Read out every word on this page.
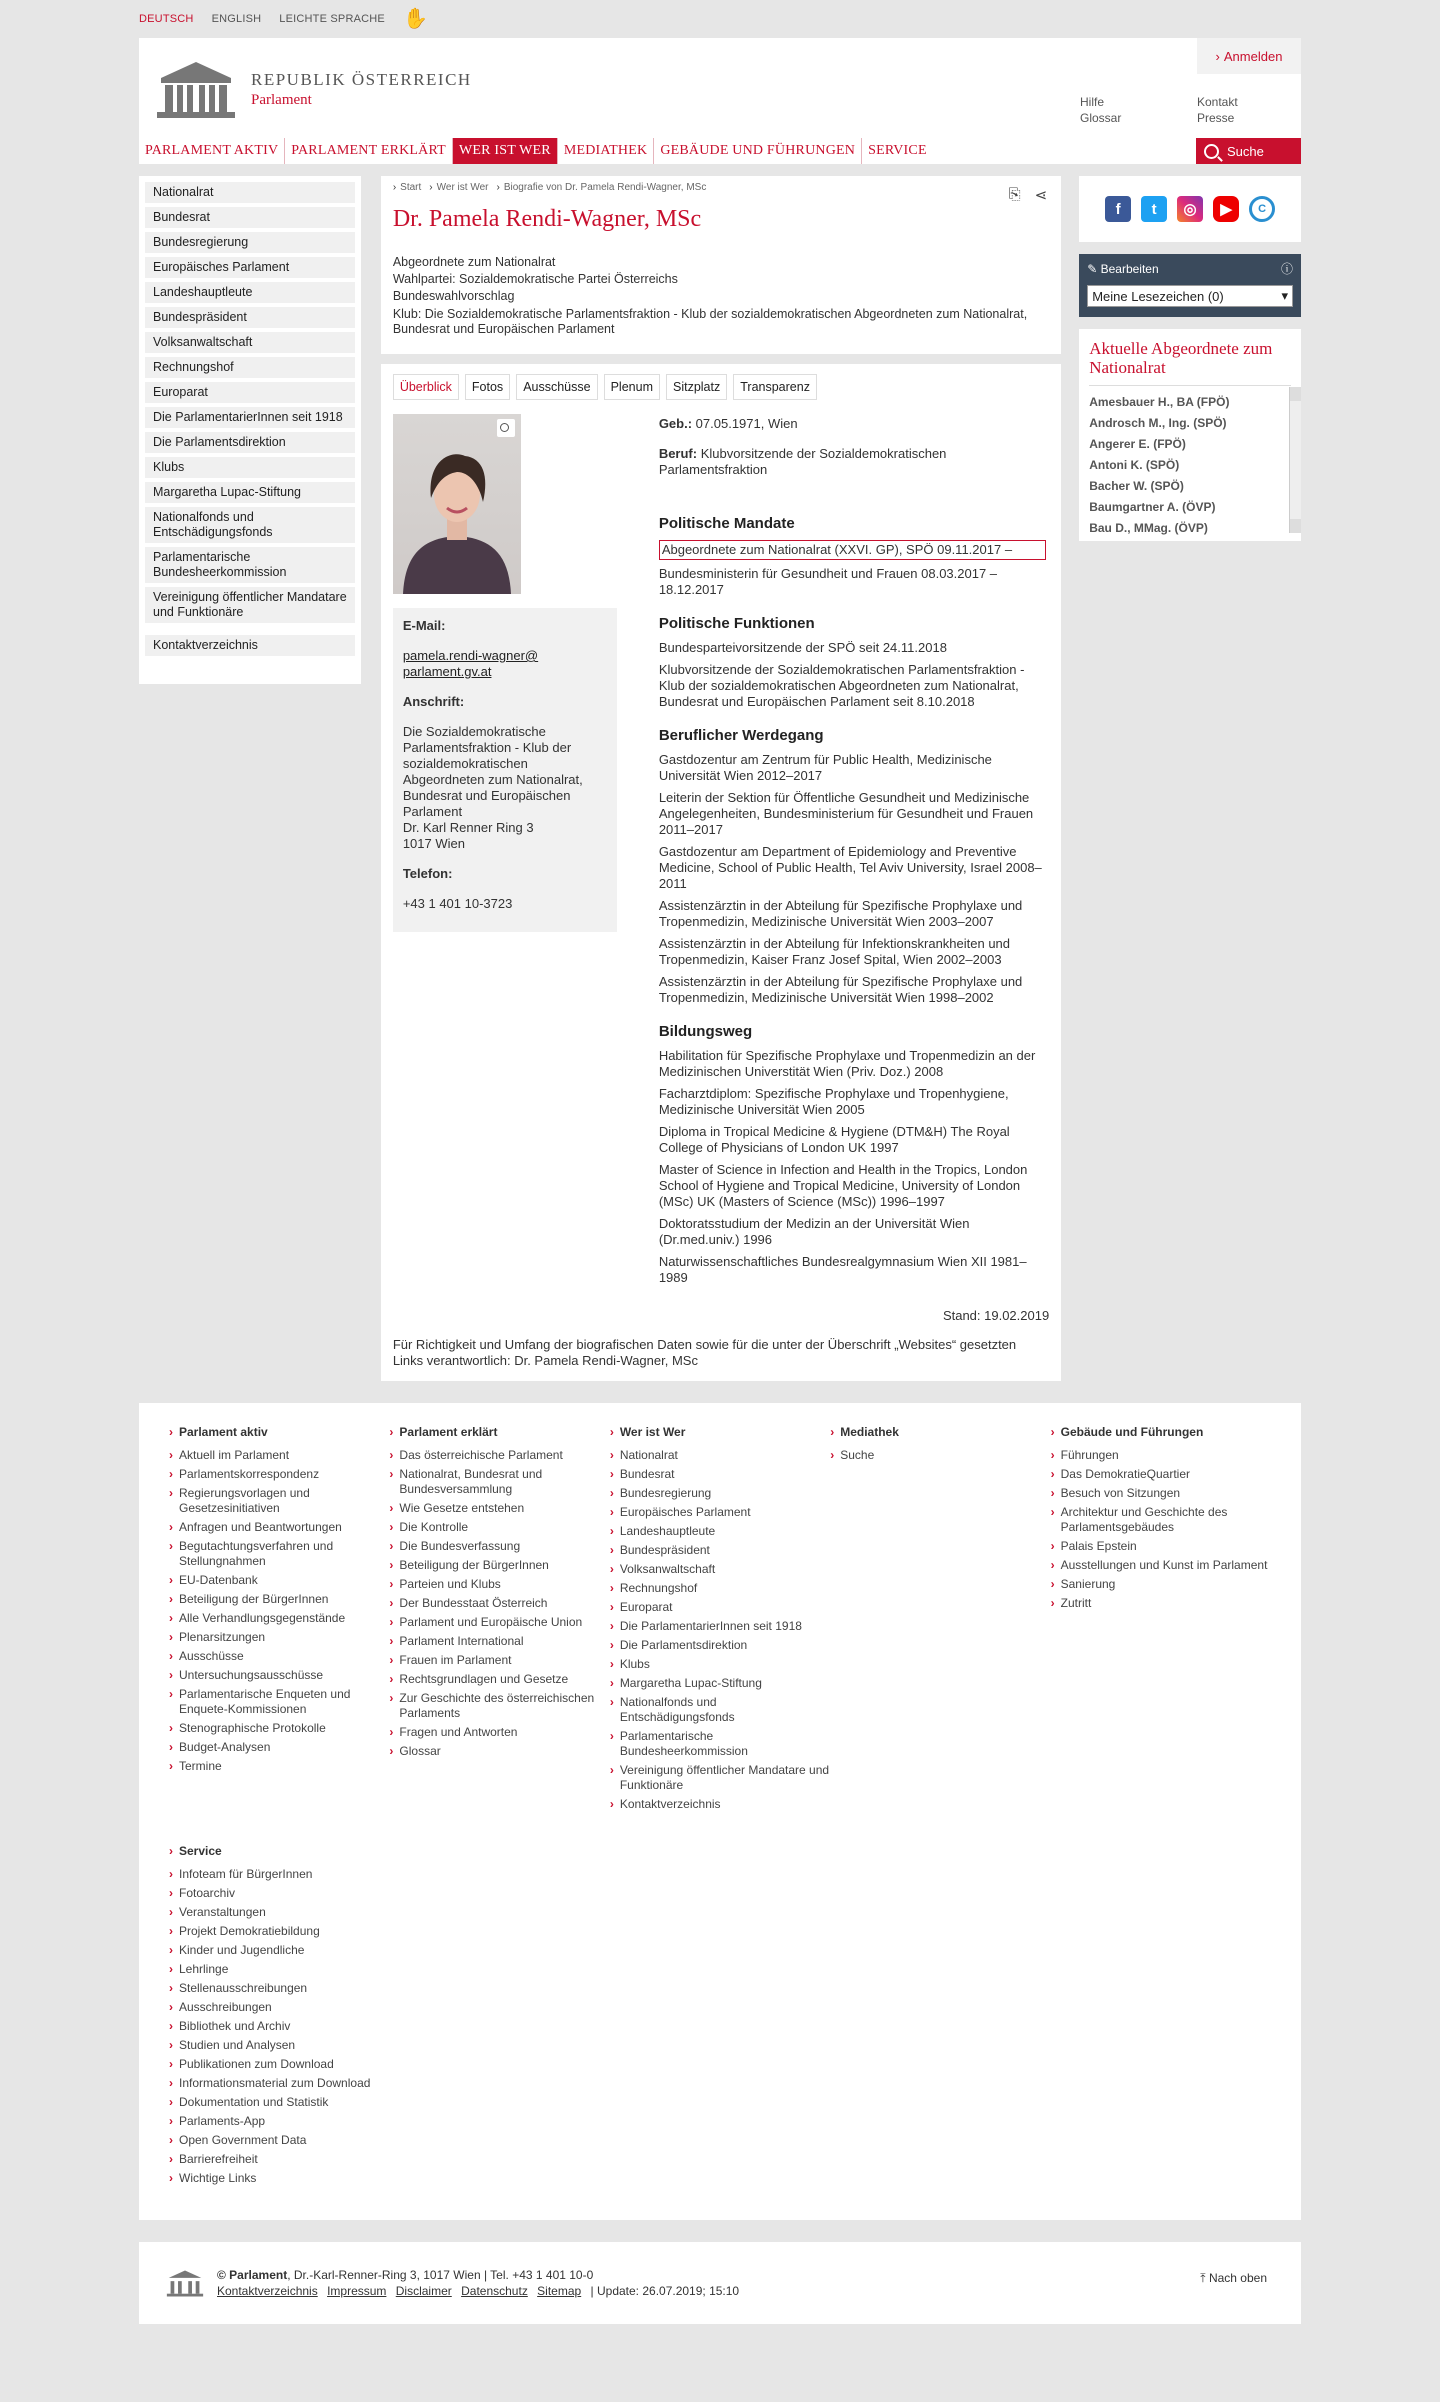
DEUTSCH ENGLISH LEICHTE SPRACHE ✋
› Anmelden
REPUBLIK ÖSTERREICH
Parlament	Hilfe
Glossar
Kontakt
Presse
PARLAMENT AKTIV PARLAMENT ERKLÄRT WER IST WER MEDIATHEK GEBÄUDE UND FÜHRUNGEN SERVICE	Suche
Nationalrat
Bundesrat
Bundesregierung
Europäisches Parlament
Landeshauptleute
Bundespräsident
Volksanwaltschaft
Rechnungshof
Europarat
Die ParlamentarierInnen seit 1918
Die Parlamentsdirektion
Klubs
Margaretha Lupac-Stiftung
Nationalfonds und Entschädigungsfonds
Parlamentarische Bundesheerkommission
Vereinigung öffentlicher Mandatare und Funktionäre
Kontaktverzeichnis
› Start	› Wer ist Wer	› Biografie von Dr. Pamela Rendi-Wagner, MSc	⎘ ⋖
Dr. Pamela Rendi-Wagner, MSc
Abgeordnete zum Nationalrat
Wahlpartei: Sozialdemokratische Partei Österreichs
Bundeswahlvorschlag
Klub: Die Sozialdemokratische Parlamentsfraktion - Klub der sozialdemokratischen Abgeordneten zum Nationalrat, Bundesrat und Europäischen Parlament
Überblick	Fotos	Ausschüsse	Plenum	Sitzplatz	Transparenz
E-Mail:
pamela.rendi-wagner@ parlament.gv.at
Anschrift:
Die Sozialdemokratische Parlamentsfraktion - Klub der sozialdemokratischen Abgeordneten zum Nationalrat, Bundesrat und Europäischen Parlament
Dr. Karl Renner Ring 3
1017 Wien
Telefon:
+43 1 401 10-3723
Geb.: 07.05.1971, Wien
Beruf: Klubvorsitzende der Sozialdemokratischen Parlamentsfraktion
Politische Mandate
Abgeordnete zum Nationalrat (XXVI. GP), SPÖ 09.11.2017 –
Bundesministerin für Gesundheit und Frauen 08.03.2017 – 18.12.2017
Politische Funktionen
Bundesparteivorsitzende der SPÖ seit 24.11.2018
Klubvorsitzende der Sozialdemokratischen Parlamentsfraktion - Klub der sozialdemokratischen Abgeordneten zum Nationalrat, Bundesrat und Europäischen Parlament seit 8.10.2018
Beruflicher Werdegang
Gastdozentur am Zentrum für Public Health, Medizinische Universität Wien 2012–2017
Leiterin der Sektion für Öffentliche Gesundheit und Medizinische Angelegenheiten, Bundesministerium für Gesundheit und Frauen 2011–2017
Gastdozentur am Department of Epidemiology and Preventive Medicine, School of Public Health, Tel Aviv University, Israel 2008–2011
Assistenzärztin in der Abteilung für Spezifische Prophylaxe und Tropenmedizin, Medizinische Universität Wien 2003–2007
Assistenzärztin in der Abteilung für Infektionskrankheiten und Tropenmedizin, Kaiser Franz Josef Spital, Wien 2002–2003
Assistenzärztin in der Abteilung für Spezifische Prophylaxe und Tropenmedizin, Medizinische Universität Wien 1998–2002
Bildungsweg
Habilitation für Spezifische Prophylaxe und Tropenmedizin an der Medizinischen Universtität Wien (Priv. Doz.) 2008
Facharztdiplom: Spezifische Prophylaxe und Tropenhygiene, Medizinische Universität Wien 2005
Diploma in Tropical Medicine & Hygiene (DTM&H) The Royal College of Physicians of London UK 1997
Master of Science in Infection and Health in the Tropics, London School of Hygiene and Tropical Medicine, University of London (MSc) UK (Masters of Science (MSc)) 1996–1997
Doktoratsstudium der Medizin an der Universität Wien (Dr.med.univ.) 1996
Naturwissenschaftliches Bundesrealgymnasium Wien XII 1981–1989
Stand: 19.02.2019
Für Richtigkeit und Umfang der biografischen Daten sowie für die unter der Überschrift „Websites“ gesetzten Links verantwortlich: Dr. Pamela Rendi-Wagner, MSc
f	t	◎	▶	C
✎ Bearbeiten	ⓘ
Meine Lesezeichen (0)	▾
Aktuelle Abgeordnete zum Nationalrat
Amesbauer H., BA (FPÖ)
Androsch M., Ing. (SPÖ)
Angerer E. (FPÖ)
Antoni K. (SPÖ)
Bacher W. (SPÖ)
Baumgartner A. (ÖVP)
Bau D., MMag. (ÖVP)
› Parlament aktiv
› Aktuell im Parlament
› Parlamentskorrespondenz
› Regierungsvorlagen und Gesetzesinitiativen
› Anfragen und Beantwortungen
› Begutachtungsverfahren und Stellungnahmen
› EU-Datenbank
› Beteiligung der BürgerInnen
› Alle Verhandlungsgegenstände
› Plenarsitzungen
› Ausschüsse
› Untersuchungsausschüsse
› Parlamentarische Enqueten und Enquete-Kommissionen
› Stenographische Protokolle
› Budget-Analysen
› Termine
› Parlament erklärt
› Das österreichische Parlament
› Nationalrat, Bundesrat und Bundesversammlung
› Wie Gesetze entstehen
› Die Kontrolle
› Die Bundesverfassung
› Beteiligung der BürgerInnen
› Parteien und Klubs
› Der Bundesstaat Österreich
› Parlament und Europäische Union
› Parlament International
› Frauen im Parlament
› Rechtsgrundlagen und Gesetze
› Zur Geschichte des österreichischen Parlaments
› Fragen und Antworten
› Glossar
› Wer ist Wer
› Nationalrat
› Bundesrat
› Bundesregierung
› Europäisches Parlament
› Landeshauptleute
› Bundespräsident
› Volksanwaltschaft
› Rechnungshof
› Europarat
› Die ParlamentarierInnen seit 1918
› Die Parlamentsdirektion
› Klubs
› Margaretha Lupac-Stiftung
› Nationalfonds und Entschädigungsfonds
› Parlamentarische Bundesheerkommission
› Vereinigung öffentlicher Mandatare und Funktionäre
› Kontaktverzeichnis
› Mediathek
› Suche
› Gebäude und Führungen
› Führungen
› Das DemokratieQuartier
› Besuch von Sitzungen
› Architektur und Geschichte des Parlamentsgebäudes
› Palais Epstein
› Ausstellungen und Kunst im Parlament
› Sanierung
› Zutritt
› Service
› Infoteam für BürgerInnen
› Fotoarchiv
› Veranstaltungen
› Projekt Demokratiebildung
› Kinder und Jugendliche
› Lehrlinge
› Stellenausschreibungen
› Ausschreibungen
› Bibliothek und Archiv
› Studien und Analysen
› Publikationen zum Download
› Informationsmaterial zum Download
› Dokumentation und Statistik
› Parlaments-App
› Open Government Data
› Barrierefreiheit
› Wichtige Links
© Parlament, Dr.-Karl-Renner-Ring 3, 1017 Wien | Tel. +43 1 401 10-0
Kontaktverzeichnis Impressum Disclaimer Datenschutz Sitemap | Update: 26.07.2019; 15:10
⤒ Nach oben
